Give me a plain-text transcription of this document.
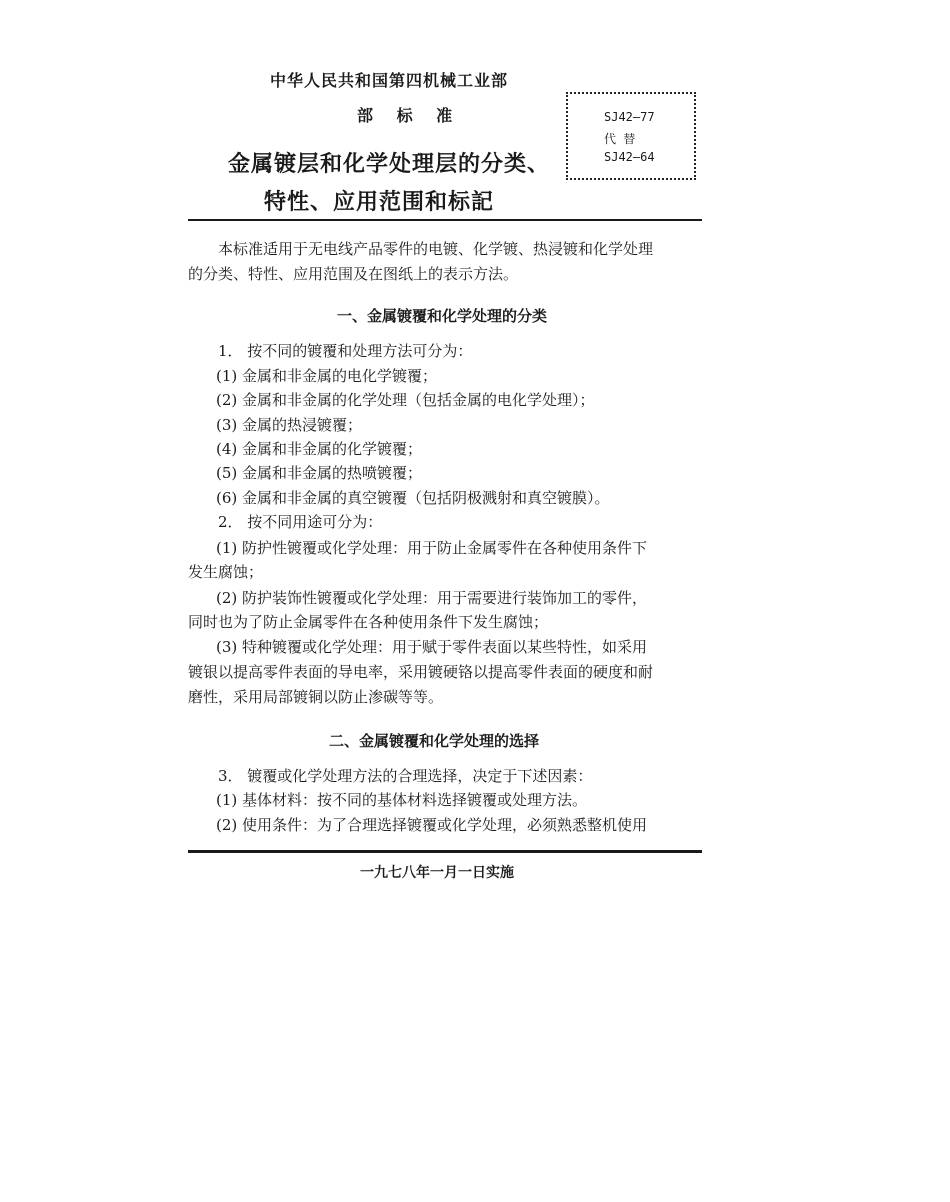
中华人民共和国第四机械工业部
部 标 准
金属镀层和化学处理层的分类、
特性、应用范围和标記
SJ42—77
代 替
SJ42—64
本标准适用于无电线产品零件的电镀、化学镀、热浸镀和化学处理
的分类、特性、应用范围及在图纸上的表示方法。
一、金属镀覆和化学处理的分类
1． 按不同的镀覆和处理方法可分为：
(1) 金属和非金属的电化学镀覆；
(2) 金属和非金属的化学处理（包括金属的电化学处理）；
(3) 金属的热浸镀覆；
(4) 金属和非金属的化学镀覆；
(5) 金属和非金属的热喷镀覆；
(6) 金属和非金属的真空镀覆（包括阴极溅射和真空镀膜）。
2． 按不同用途可分为：
(1) 防护性镀覆或化学处理：用于防止金属零件在各种使用条件下
发生腐蚀；
(2) 防护装饰性镀覆或化学处理：用于需要进行装饰加工的零件，
同时也为了防止金属零件在各种使用条件下发生腐蚀；
(3) 特种镀覆或化学处理：用于赋于零件表面以某些特性，如采用
镀银以提高零件表面的导电率，采用镀硬铬以提高零件表面的硬度和耐
磨性，采用局部镀铜以防止渗碳等等。
二、金属镀覆和化学处理的选择
3． 镀覆或化学处理方法的合理选择，决定于下述因素：
(1) 基体材料：按不同的基体材料选择镀覆或处理方法。
(2) 使用条件：为了合理选择镀覆或化学处理，必须熟悉整机使用
一九七八年一月一日实施
